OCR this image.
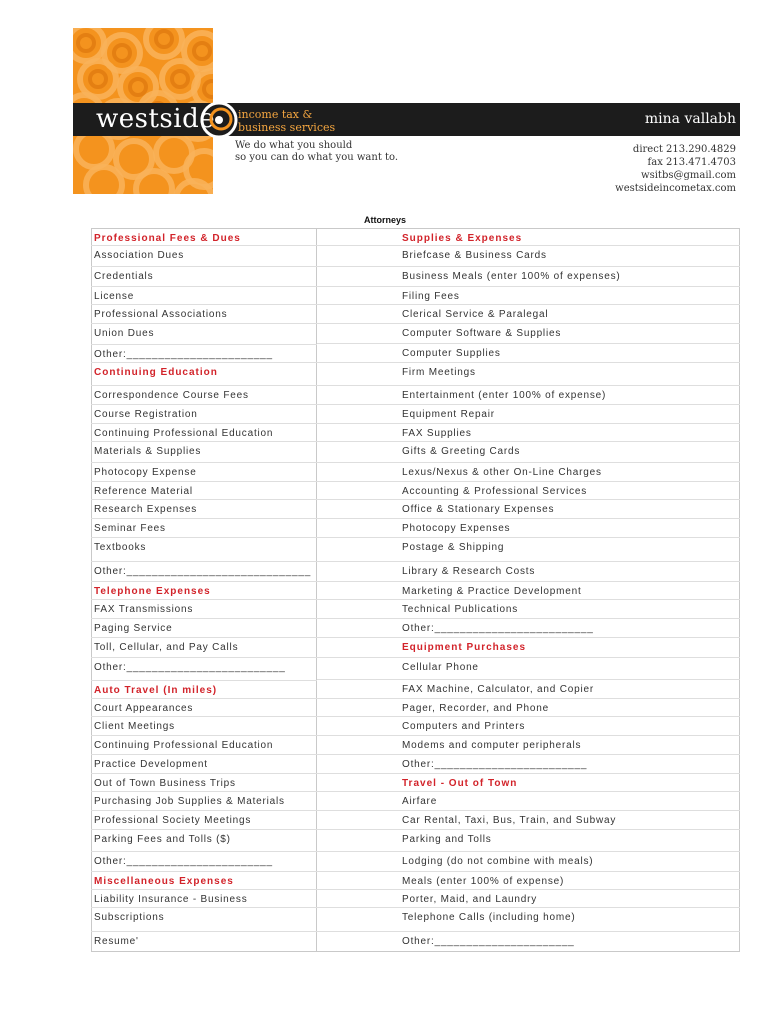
westside income tax &
business services
mina vallabh
We do what you should
so you can do what you want to.
direct 213.290.4829
fax 213.471.4703
wsitbs@gmail.com
westsideincometax.com
Attorneys
Professional Fees & Dues
Association Dues
Credentials
License
Professional Associations
Union Dues
Other:_______________________
Continuing Education
Correspondence Course Fees
Course Registration
Continuing Professional Education
Materials & Supplies
Photocopy Expense
Reference Material
Research Expenses
Seminar Fees
Textbooks
Other:_____________________________
Telephone Expenses
FAX Transmissions
Paging Service
Toll, Cellular, and Pay Calls
Other:_________________________
Auto Travel (In miles)
Court Appearances
Client Meetings
Continuing Professional Education
Practice Development
Out of Town Business Trips
Purchasing Job Supplies & Materials
Professional Society Meetings
Parking Fees and Tolls ($)
Other:_______________________
Miscellaneous Expenses
Liability Insurance - Business
Subscriptions
Resume'
Supplies & Expenses
Briefcase & Business Cards
Business Meals (enter 100% of expenses)
Filing Fees
Clerical Service & Paralegal
Computer Software & Supplies
Computer Supplies
Firm Meetings
Entertainment (enter 100% of expense)
Equipment Repair
FAX Supplies
Gifts & Greeting Cards
Lexus/Nexus & other On-Line Charges
Accounting & Professional Services
Office & Stationary Expenses
Photocopy Expenses
Postage & Shipping
Library & Research Costs
Marketing & Practice Development
Technical Publications
Other:_________________________
Equipment Purchases
Cellular Phone
FAX Machine, Calculator, and Copier
Pager, Recorder, and Phone
Computers and Printers
Modems and computer peripherals
Other:________________________
Travel - Out of Town
Airfare
Car Rental, Taxi, Bus, Train, and Subway
Parking and Tolls
Lodging (do not combine with meals)
Meals (enter 100% of expense)
Porter, Maid, and Laundry
Telephone Calls (including home)
Other:______________________
